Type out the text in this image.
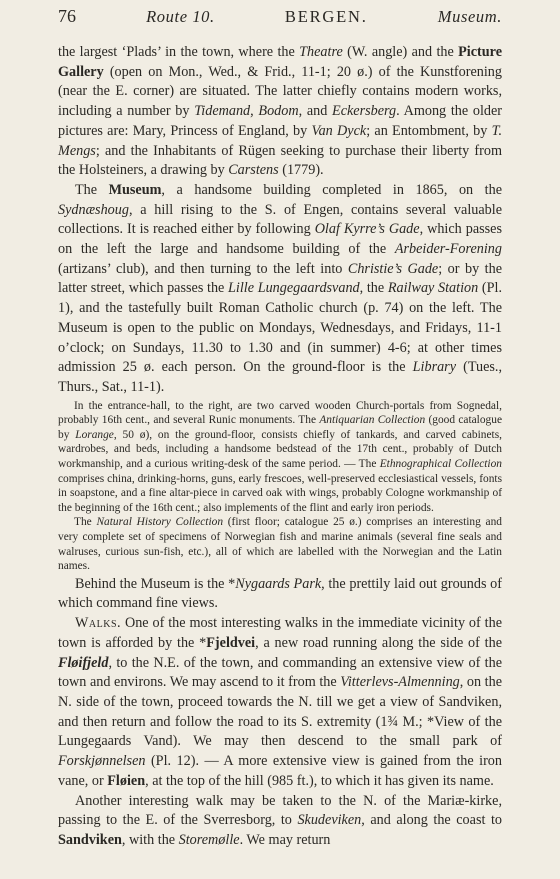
76	Route 10.	BERGEN.	Museum.

the largest ‘Plads’ in the town, where the Theatre (W. angle) and the Picture Gallery (open on Mon., Wed., & Frid., 11-1; 20 ø.) of the Kunstforening (near the E. corner) are situated. The latter chiefly contains modern works, including a number by Tidemand, Bodom, and Eckersberg. Among the older pictures are: Mary, Princess of England, by Van Dyck; an Entombment, by T. Mengs; and the Inhabitants of Rügen seeking to purchase their liberty from the Holsteiners, a drawing by Carstens (1779).

The Museum, a handsome building completed in 1865, on the Sydnæshoug, a hill rising to the S. of Engen, contains several valuable collections. It is reached either by following Olaf Kyrre’s Gade, which passes on the left the large and handsome building of the Arbeider-Forening (artizans’ club), and then turning to the left into Christie’s Gade; or by the latter street, which passes the Lille Lungegaardsvand, the Railway Station (Pl. 1), and the tastefully built Roman Catholic church (p. 74) on the left. The Museum is open to the public on Mondays, Wednesdays, and Fridays, 11-1 o’clock; on Sundays, 11.30 to 1.30 and (in summer) 4-6; at other times admission 25 ø. each person. On the ground-floor is the Library (Tues., Thurs., Sat., 11-1).

In the entrance-hall, to the right, are two carved wooden Church-portals from Sognedal, probably 16th cent., and several Runic monuments. The Antiquarian Collection (good catalogue by Lorange, 50 ø), on the ground-floor, consists chiefly of tankards, and carved cabinets, wardrobes, and beds, including a handsome bedstead of the 17th cent., probably of Dutch workmanship, and a curious writing-desk of the same period. — The Ethnographical Collection comprises china, drinking-horns, guns, early frescoes, well-preserved ecclesiastical vessels, fonts in soapstone, and a fine altar-piece in carved oak with wings, probably Cologne workmanship of the beginning of the 16th cent.; also implements of the flint and early iron periods.

The Natural History Collection (first floor; catalogue 25 ø.) comprises an interesting and very complete set of specimens of Norwegian fish and marine animals (several fine seals and walruses, curious sun-fish, etc.), all of which are labelled with the Norwegian and the Latin names.

Behind the Museum is the *Nygaards Park, the prettily laid out grounds of which command fine views.

Walks. One of the most interesting walks in the immediate vicinity of the town is afforded by the *Fjeldvei, a new road running along the side of the Fløifjeld, to the N.E. of the town, and commanding an extensive view of the town and environs. We may ascend to it from the Vitterlevs-Almenning, on the N. side of the town, proceed towards the N. till we get a view of Sandviken, and then return and follow the road to its S. extremity (1¾ M.; *View of the Lungegaards Vand). We may then descend to the small park of Forskjønnelsen (Pl. 12). — A more extensive view is gained from the iron vane, or Fløien, at the top of the hill (985 ft.), to which it has given its name.

Another interesting walk may be taken to the N. of the Mariæ-kirke, passing to the E. of the Sverresborg, to Skudeviken, and along the coast to Sandviken, with the Storemølle. We may return
